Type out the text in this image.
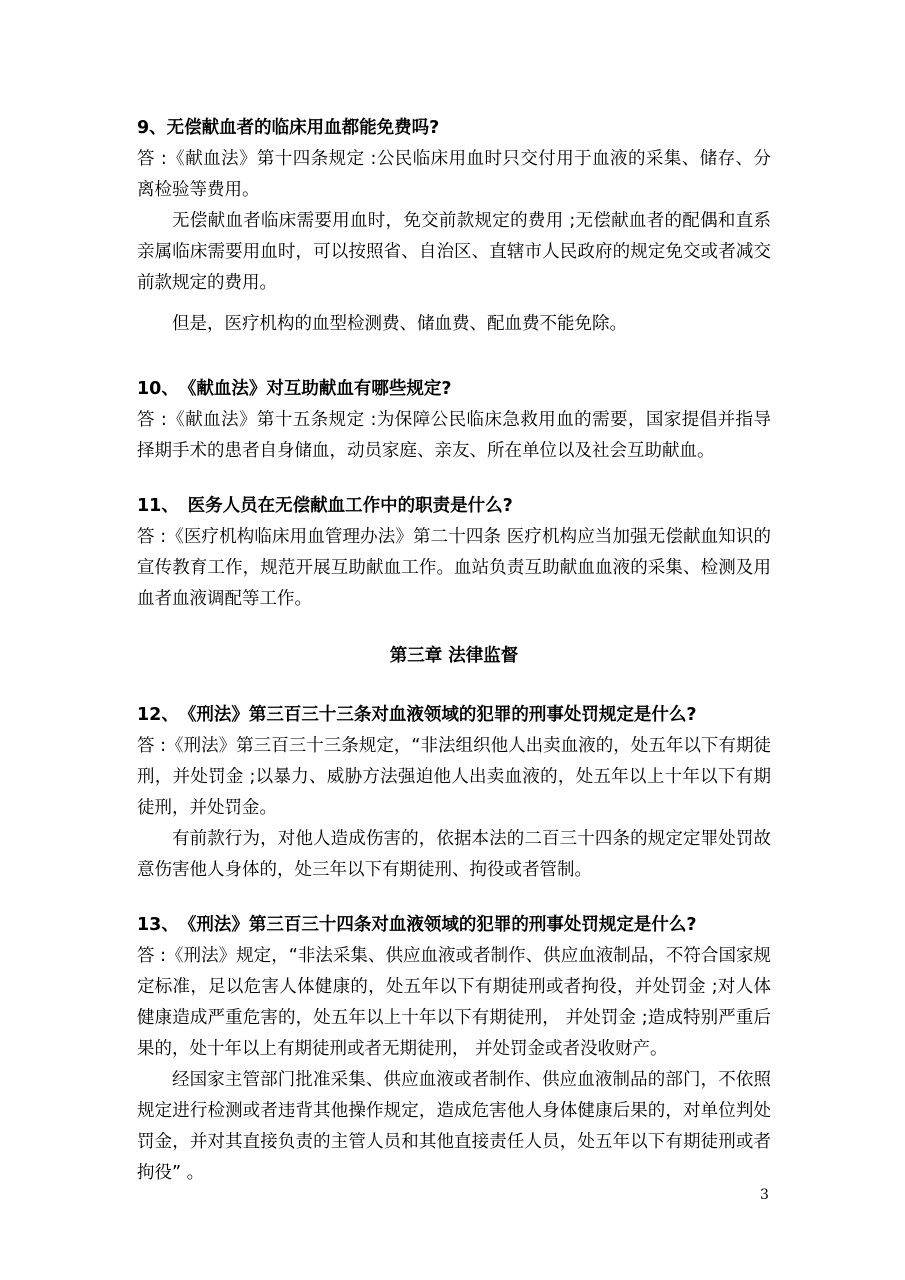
9、无偿献血者的临床用血都能免费吗?

答 :《献血法》第十四条规定 :公民临床用血时只交付用于血液的采集、储存、分离检验等费用。

无偿献血者临床需要用血时，免交前款规定的费用 ;无偿献血者的配偶和直系亲属临床需要用血时，可以按照省、自治区、直辖市人民政府的规定免交或者减交前款规定的费用。

但是，医疗机构的血型检测费、储血费、配血费不能免除。

10、　《献血法》对互助献血有哪些规定?

答 :《献血法》第十五条规定 :为保障公民临床急救用血的需要，国家提倡并指导择期手术的患者自身储血，动员家庭、亲友、所在单位以及社会互助献血。

11、　医务人员在无偿献血工作中的职责是什么?

答 :《医疗机构临床用血管理办法》第二十四条 医疗机构应当加强无偿献血知识的宣传教育工作，规范开展互助献血工作。血站负责互助献血血液的采集、检测及用血者血液调配等工作。

第三章 法律监督

12、　《刑法》第三百三十三条对血液领域的犯罪的刑事处罚规定是什么?

答 :《刑法》第三百三十三条规定，“非法组织他人出卖血液的，处五年以下有期徒刑，并处罚金 ;以暴力、威胁方法强迫他人出卖血液的，处五年以上十年以下有期徒刑，并处罚金。

有前款行为，对他人造成伤害的，依据本法的二百三十四条的规定定罪处罚故意伤害他人身体的，处三年以下有期徒刑、拘役或者管制。

13、　《刑法》第三百三十四条对血液领域的犯罪的刑事处罚规定是什么?

答 :《刑法》规定，“非法采集、供应血液或者制作、供应血液制品，不符合国家规定标准，足以危害人体健康的，处五年以下有期徒刑或者拘役，并处罚金 ;对人体健康造成严重危害的，处五年以上十年以下有期徒刑， 并处罚金 ;造成特别严重后果的，处十年以上有期徒刑或者无期徒刑， 并处罚金或者没收财产。

经国家主管部门批准采集、供应血液或者制作、供应血液制品的部门，不依照规定进行检测或者违背其他操作规定，造成危害他人身体健康后果的，对单位判处罚金，并对其直接负责的主管人员和其他直接责任人员，处五年以下有期徒刑或者拘役” 。

3
